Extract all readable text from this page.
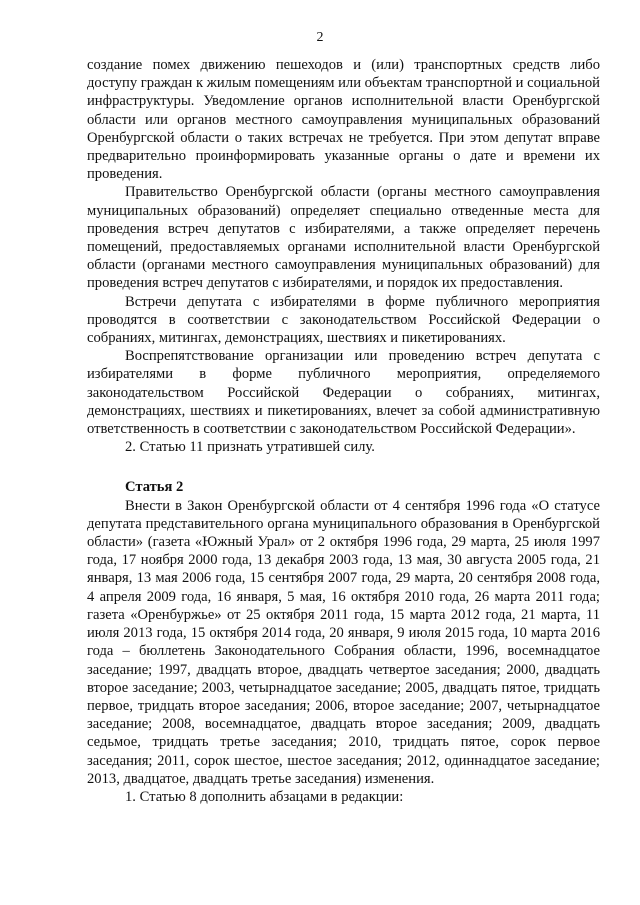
2

создание помех движению пешеходов и (или) транспортных средств либо доступу граждан к жилым помещениям или объектам транспортной и социальной инфраструктуры. Уведомление органов исполнительной власти Оренбургской области или органов местного самоуправления муниципальных образований Оренбургской области о таких встречах не требуется. При этом депутат вправе предварительно проинформировать указанные органы о дате и времени их проведения.

Правительство Оренбургской области (органы местного самоуправления муниципальных образований) определяет специально отведенные места для проведения встреч депутатов с избирателями, а также определяет перечень помещений, предоставляемых органами исполнительной власти Оренбургской области (органами местного самоуправления муниципальных образований) для проведения встреч депутатов с избирателями, и порядок их предоставления.

Встречи депутата с избирателями в форме публичного мероприятия проводятся в соответствии с законодательством Российской Федерации о собраниях, митингах, демонстрациях, шествиях и пикетированиях.

Воспрепятствование организации или проведению встреч депутата с избирателями в форме публичного мероприятия, определяемого законодательством Российской Федерации о собраниях, митингах, демонстрациях, шествиях и пикетированиях, влечет за собой административную ответственность в соответствии с законодательством Российской Федерации».

2. Статью 11 признать утратившей силу.

Статья 2

Внести в Закон Оренбургской области от 4 сентября 1996 года «О статусе депутата представительного органа муниципального образования в Оренбургской области» (газета «Южный Урал» от 2 октября 1996 года, 29 марта, 25 июля 1997 года, 17 ноября 2000 года, 13 декабря 2003 года, 13 мая, 30 августа 2005 года, 21 января, 13 мая 2006 года, 15 сентября 2007 года, 29 марта, 20 сентября 2008 года, 4 апреля 2009 года, 16 января, 5 мая, 16 октября 2010 года, 26 марта 2011 года; газета «Оренбуржье» от 25 октября 2011 года, 15 марта 2012 года, 21 марта, 11 июля 2013 года, 15 октября 2014 года, 20 января, 9 июля 2015 года, 10 марта 2016 года – бюллетень Законодательного Собрания области, 1996, восемнадцатое заседание; 1997, двадцать второе, двадцать четвертое заседания; 2000, двадцать второе заседание; 2003, четырнадцатое заседание; 2005, двадцать пятое, тридцать первое, тридцать второе заседания; 2006, второе заседание; 2007, четырнадцатое заседание; 2008, восемнадцатое, двадцать второе заседания; 2009, двадцать седьмое, тридцать третье заседания; 2010, тридцать пятое, сорок первое заседания; 2011, сорок шестое, шестое заседания; 2012, одиннадцатое заседание; 2013, двадцатое, двадцать третье заседания) изменения.

1. Статью 8 дополнить абзацами в редакции:
